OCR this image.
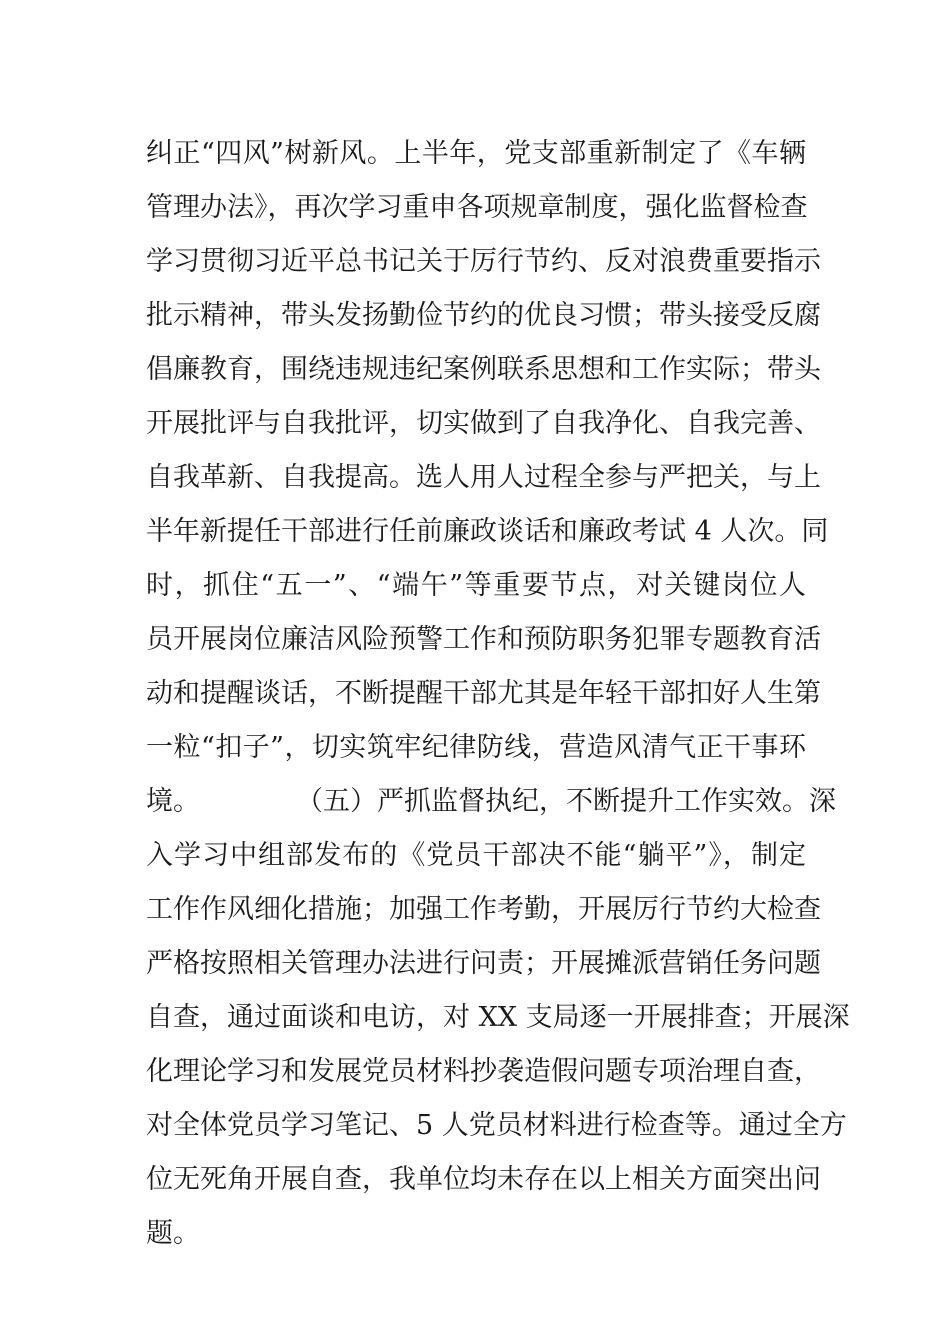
纠正“四风”树新风。上半年，党支部重新制定了《车辆
管理办法》，再次学习重申各项规章制度，强化监督检查
学习贯彻习近平总书记关于厉行节约、反对浪费重要指示
批示精神，带头发扬勤俭节约的优良习惯；带头接受反腐
倡廉教育，围绕违规违纪案例联系思想和工作实际；带头
开展批评与自我批评，切实做到了自我净化、自我完善、
自我革新、自我提高。选人用人过程全参与严把关，与上
半年新提任干部进行任前廉政谈话和廉政考试 4 人次。同
时，抓住“五一”、“端午”等重要节点，对关键岗位人
员开展岗位廉洁风险预警工作和预防职务犯罪专题教育活
动和提醒谈话，不断提醒干部尤其是年轻干部扣好人生第
一粒“扣子”，切实筑牢纪律防线，营造风清气正干事环
境。	（五）严抓监督执纪，不断提升工作实效。深
入学习中组部发布的《党员干部决不能“躺平”》，制定
工作作风细化措施；加强工作考勤，开展厉行节约大检查
严格按照相关管理办法进行问责；开展摊派营销任务问题
自查，通过面谈和电访，对 XX 支局逐一开展排查；开展深
化理论学习和发展党员材料抄袭造假问题专项治理自查，
对全体党员学习笔记、5 人党员材料进行检查等。通过全方
位无死角开展自查，我单位均未存在以上相关方面突出问
题。
